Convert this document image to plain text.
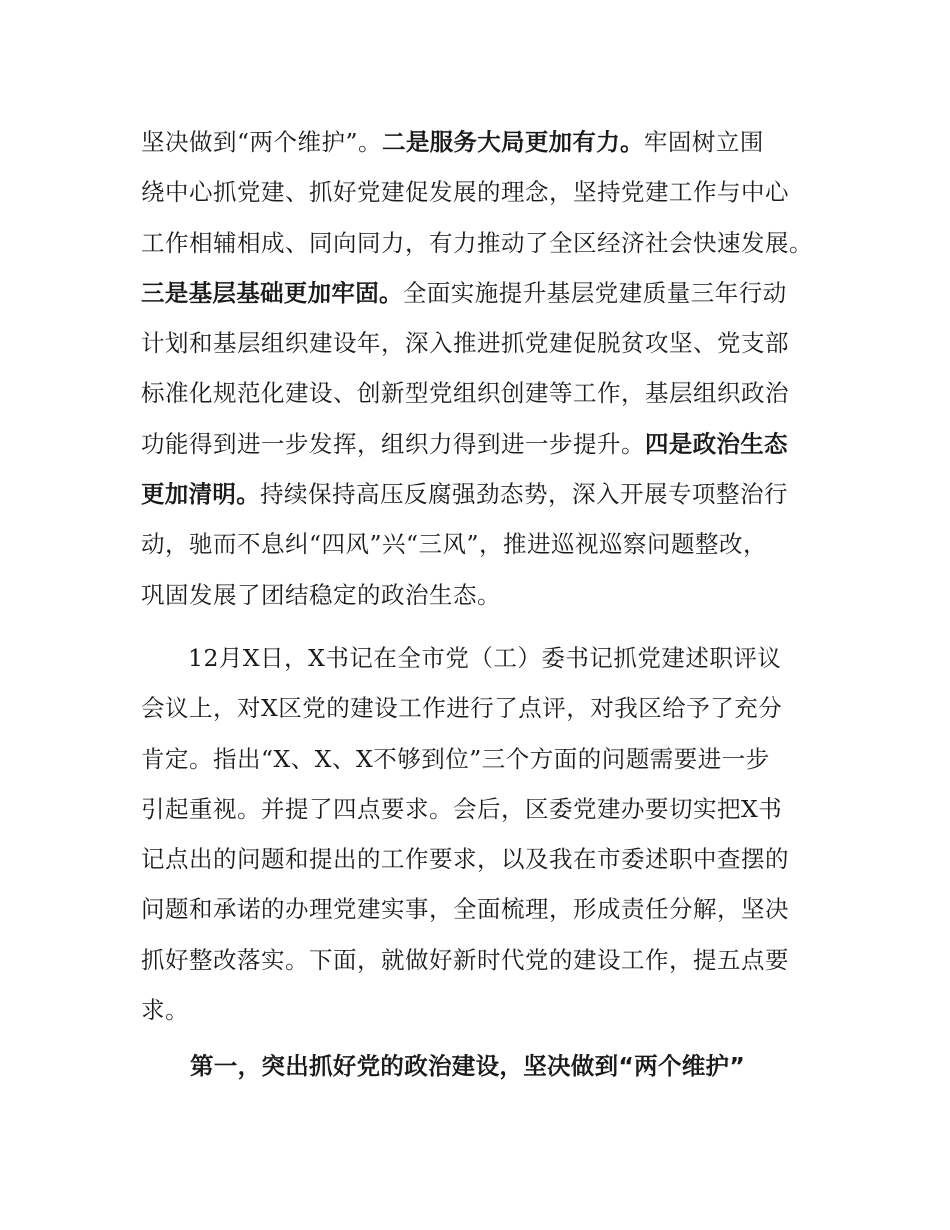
坚决做到“两个维护”。二是服务大局更加有力。牢固树立围
绕中心抓党建、抓好党建促发展的理念，坚持党建工作与中心
工作相辅相成、同向同力，有力推动了全区经济社会快速发展。
三是基层基础更加牢固。全面实施提升基层党建质量三年行动
计划和基层组织建设年，深入推进抓党建促脱贫攻坚、党支部
标准化规范化建设、创新型党组织创建等工作，基层组织政治
功能得到进一步发挥，组织力得到进一步提升。四是政治生态
更加清明。持续保持高压反腐强劲态势，深入开展专项整治行
动，驰而不息纠“四风”兴“三风”，推进巡视巡察问题整改，
巩固发展了团结稳定的政治生态。
12月X日，X书记在全市党（工）委书记抓党建述职评议
会议上，对X区党的建设工作进行了点评，对我区给予了充分
肯定。指出“X、X、X不够到位”三个方面的问题需要进一步
引起重视。并提了四点要求。会后，区委党建办要切实把X书
记点出的问题和提出的工作要求，以及我在市委述职中查摆的
问题和承诺的办理党建实事，全面梳理，形成责任分解，坚决
抓好整改落实。下面，就做好新时代党的建设工作，提五点要
求。
第一，突出抓好党的政治建设，坚决做到“两个维护”
